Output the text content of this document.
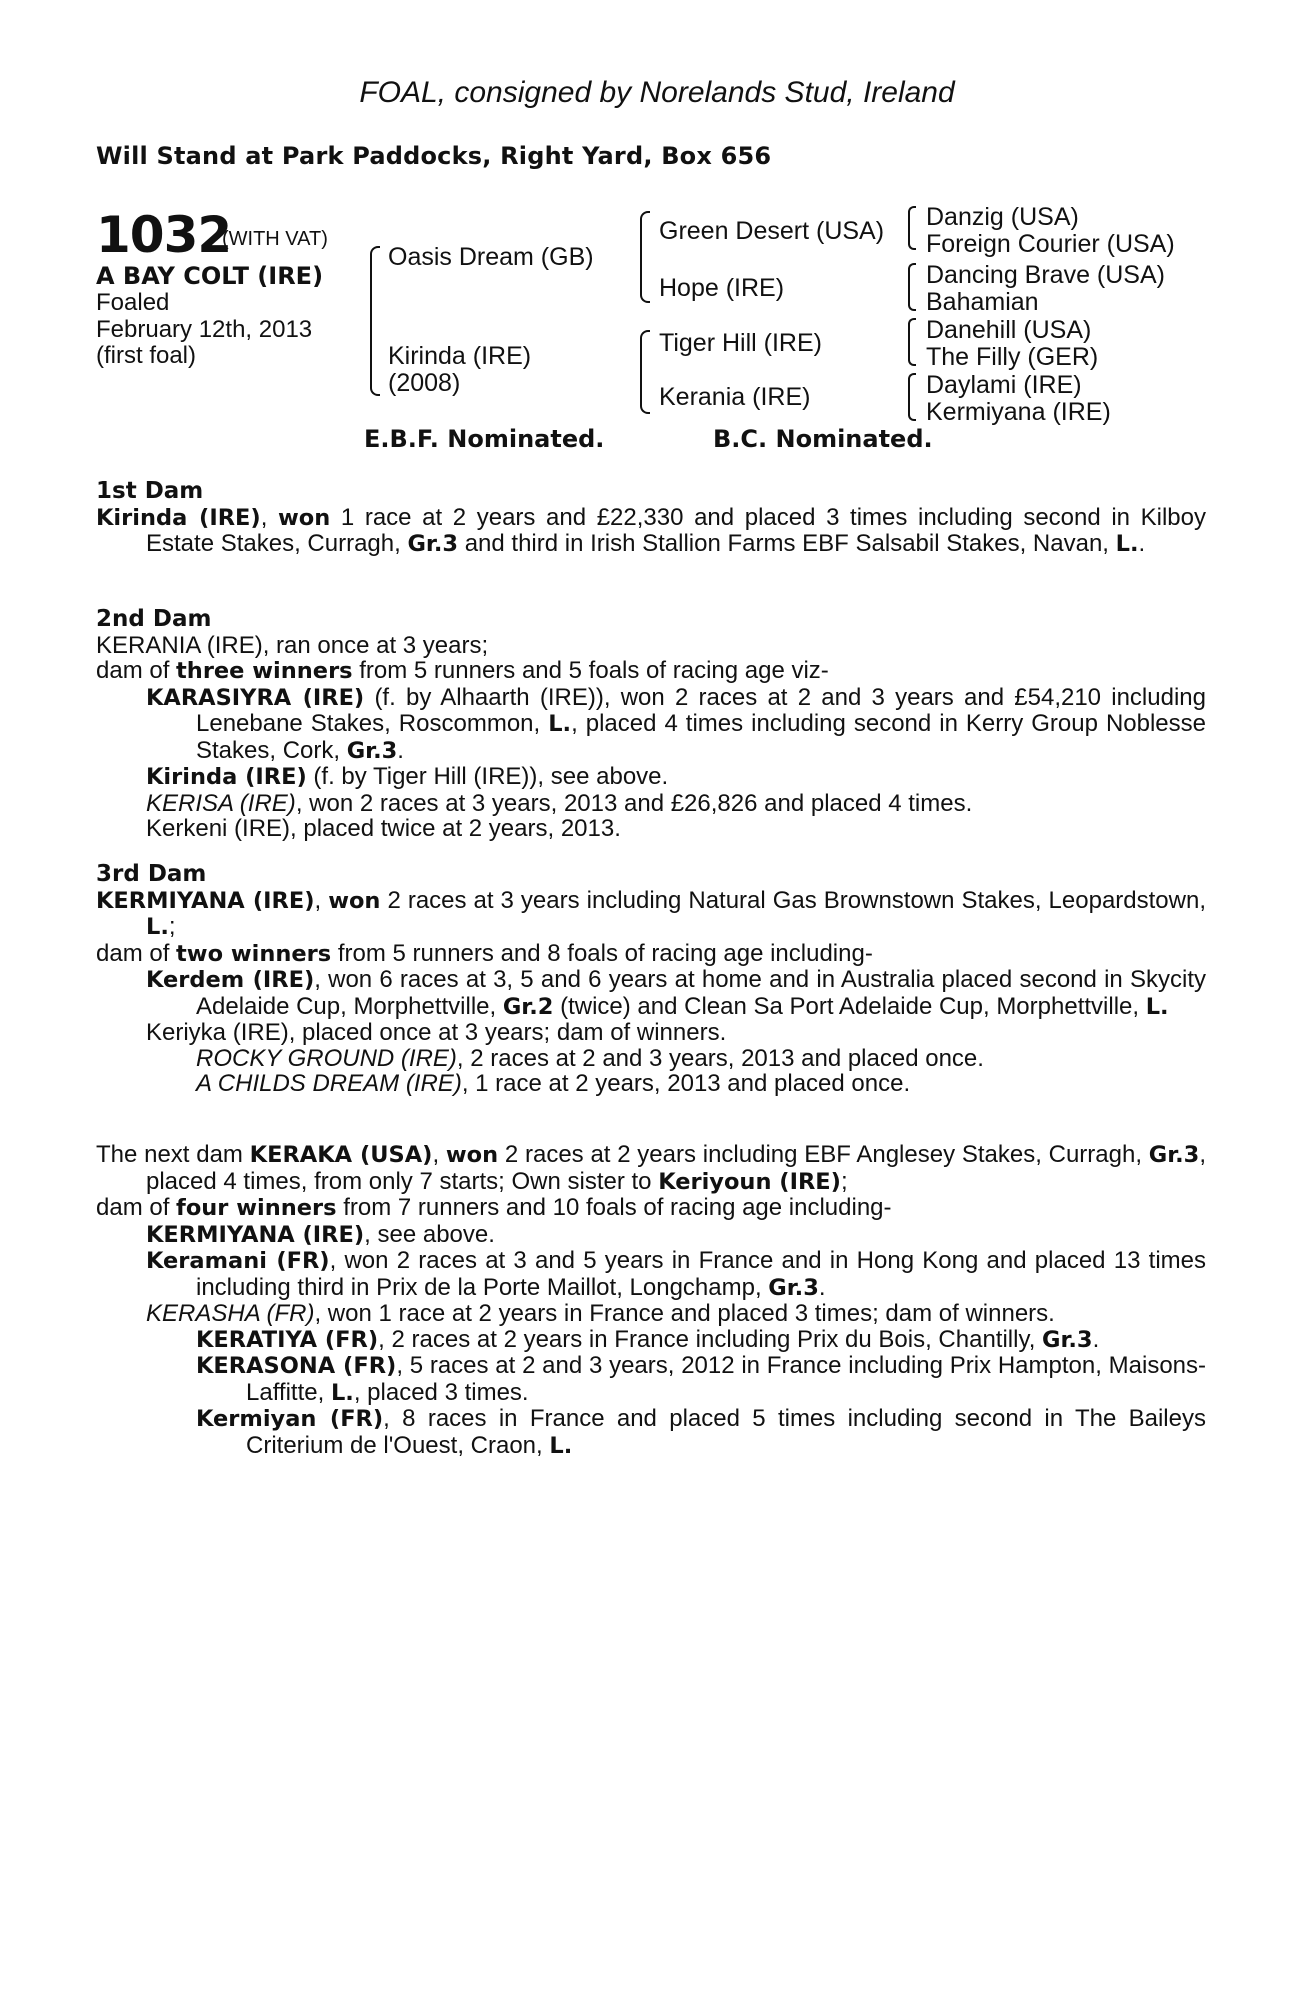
FOAL, consigned by Norelands Stud, Ireland
Will Stand at Park Paddocks, Right Yard, Box 656
1032
(WITH VAT)
A BAY COLT (IRE)
Foaled
February 12th, 2013
(first foal)
Oasis Dream (GB)
Kirinda (IRE)
(2008)
Green Desert (USA)
Hope (IRE)
Tiger Hill (IRE)
Kerania (IRE)
Danzig (USA)
Foreign Courier (USA)
Dancing Brave (USA)
Bahamian
Danehill (USA)
The Filly (GER)
Daylami (IRE)
Kermiyana (IRE)
E.B.F. Nominated.	B.C. Nominated.
1st Dam

Kirinda (IRE), won 1 race at 2 years and £22,330 and placed 3 times including second in Kilboy Estate Stakes, Curragh, Gr.3 and third in Irish Stallion Farms EBF Salsabil Stakes, Navan, L..

2nd Dam

KERANIA (IRE), ran once at 3 years;

dam of three winners from 5 runners and 5 foals of racing age viz-

KARASIYRA (IRE) (f. by Alhaarth (IRE)), won 2 races at 2 and 3 years and £54,210 including Lenebane Stakes, Roscommon, L., placed 4 times including second in Kerry Group Noblesse Stakes, Cork, Gr.3.

Kirinda (IRE) (f. by Tiger Hill (IRE)), see above.

KERISA (IRE), won 2 races at 3 years, 2013 and £26,826 and placed 4 times.

Kerkeni (IRE), placed twice at 2 years, 2013.

3rd Dam

KERMIYANA (IRE), won 2 races at 3 years including Natural Gas Brownstown Stakes, Leopardstown, L.;

dam of two winners from 5 runners and 8 foals of racing age including-

Kerdem (IRE), won 6 races at 3, 5 and 6 years at home and in Australia placed second in Skycity Adelaide Cup, Morphettville, Gr.2 (twice) and Clean Sa Port Adelaide Cup, Morphettville, L.

Keriyka (IRE), placed once at 3 years; dam of winners.

ROCKY GROUND (IRE), 2 races at 2 and 3 years, 2013 and placed once.

A CHILDS DREAM (IRE), 1 race at 2 years, 2013 and placed once.

The next dam KERAKA (USA), won 2 races at 2 years including EBF Anglesey Stakes, Curragh, Gr.3, placed 4 times, from only 7 starts; Own sister to Keriyoun (IRE);

dam of four winners from 7 runners and 10 foals of racing age including-

KERMIYANA (IRE), see above.

Keramani (FR), won 2 races at 3 and 5 years in France and in Hong Kong and placed 13 times including third in Prix de la Porte Maillot, Longchamp, Gr.3.

KERASHA (FR), won 1 race at 2 years in France and placed 3 times; dam of winners.

KERATIYA (FR), 2 races at 2 years in France including Prix du Bois, Chantilly, Gr.3.

KERASONA (FR), 5 races at 2 and 3 years, 2012 in France including Prix Hampton, Maisons-Laffitte, L., placed 3 times.

Kermiyan (FR), 8 races in France and placed 5 times including second in The Baileys Criterium de l'Ouest, Craon, L.
